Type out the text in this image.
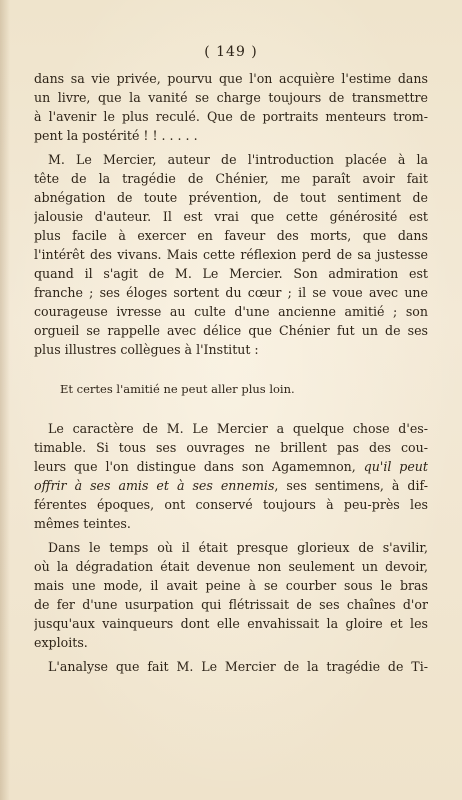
( 149 )
dans sa vie privée, pourvu que l'on acquière l'estime dans
un livre, que la vanité se charge toujours de transmettre
à l'avenir le plus reculé. Que de portraits menteurs trom-
pent la postérité ! ! . . . . .
M. Le Mercier, auteur de l'introduction placée à la
tête de la tragédie de Chénier, me paraît avoir fait
abnégation de toute prévention, de tout sentiment de
jalousie d'auteur. Il est vrai que cette générosité est
plus facile à exercer en faveur des morts, que dans
l'intérêt des vivans. Mais cette réflexion perd de sa justesse
quand il s'agit de M. Le Mercier. Son admiration est
franche ; ses éloges sortent du cœur ; il se voue avec une
courageuse ivresse au culte d'une ancienne amitié ; son
orgueil se rappelle avec délice que Chénier fut un de ses
plus illustres collègues à l'Institut :
Et certes l'amitié ne peut aller plus loin.
Le caractère de M. Le Mercier a quelque chose d'es-
timable. Si tous ses ouvrages ne brillent pas des cou-
leurs que l'on distingue dans son Agamemnon, qu'il peut
offrir à ses amis et à ses ennemis, ses sentimens, à dif-
férentes époques, ont conservé toujours à peu-près les
mêmes teintes.
Dans le temps où il était presque glorieux de s'avilir,
où la dégradation était devenue non seulement un devoir,
mais une mode, il avait peine à se courber sous le bras
de fer d'une usurpation qui flétrissait de ses chaînes d'or
jusqu'aux vainqueurs dont elle envahissait la gloire et les
exploits.
L'analyse que fait M. Le Mercier de la tragédie de Ti-
